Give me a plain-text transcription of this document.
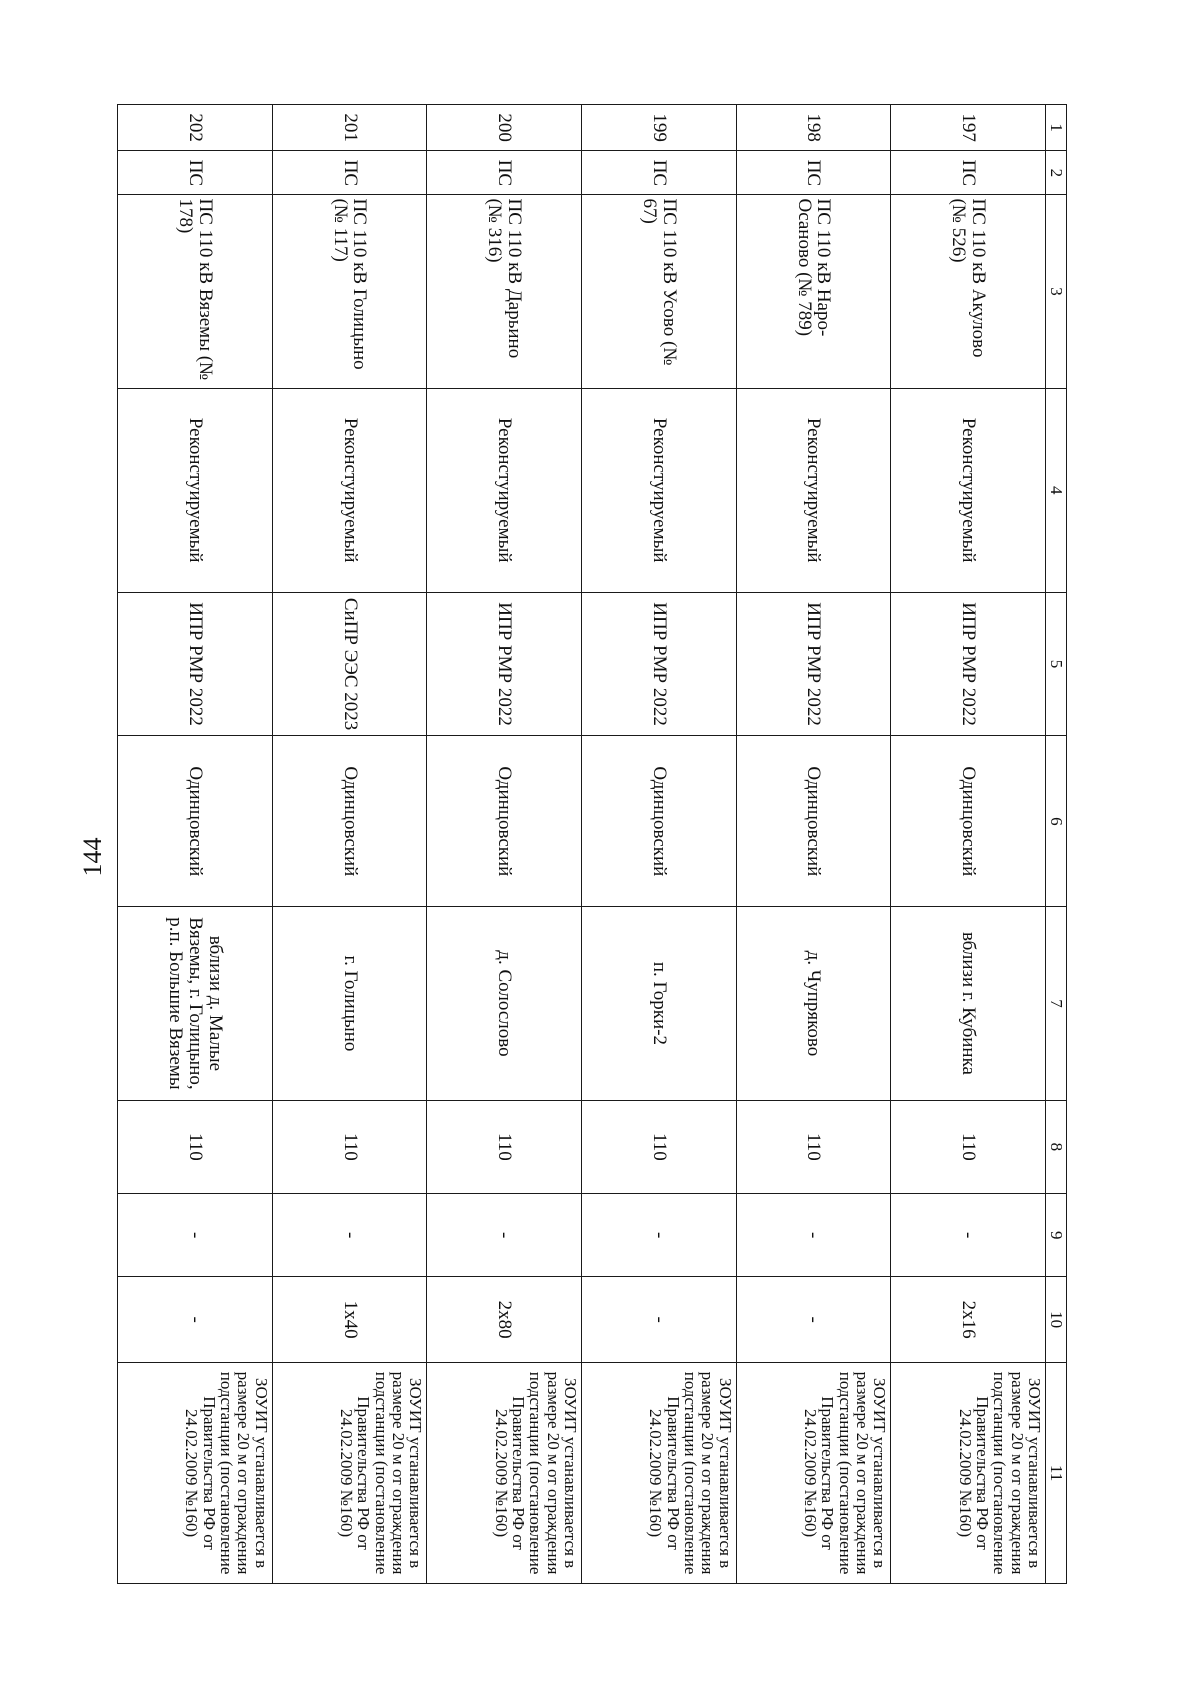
144
1	2	3	4	5	6	7	8	9	10	11
197	ПС	ПС 110 кВ Акулово (№ 526)	Реконстуируемый	ИПР РМР 2022	Одинцовский	вблизи г. Кубинка	110	-	2х16	ЗОУИТ устанавливается в размере 20 м от ограждения подстанции (постановление Правительства РФ от 24.02.2009 №160)
198	ПС	ПС 110 кВ Наро-Осаново (№ 789)	Реконстуируемый	ИПР РМР 2022	Одинцовский	д. Чупряково	110	-	-	ЗОУИТ устанавливается в размере 20 м от ограждения подстанции (постановление Правительства РФ от 24.02.2009 №160)
199	ПС	ПС 110 кВ Усово (№ 67)	Реконстуируемый	ИПР РМР 2022	Одинцовский	п. Горки-2	110	-	-	ЗОУИТ устанавливается в размере 20 м от ограждения подстанции (постановление Правительства РФ от 24.02.2009 №160)
200	ПС	ПС 110 кВ Дарьино (№ 316)	Реконстуируемый	ИПР РМР 2022	Одинцовский	д. Солослово	110	-	2х80	ЗОУИТ устанавливается в размере 20 м от ограждения подстанции (постановление Правительства РФ от 24.02.2009 №160)
201	ПС	ПС 110 кВ Голицыно (№ 117)	Реконстуируемый	СиПР ЭЭС 2023	Одинцовский	г. Голицыно	110	-	1х40	ЗОУИТ устанавливается в размере 20 м от ограждения подстанции (постановление Правительства РФ от 24.02.2009 №160)
202	ПС	ПС 110 кВ Вяземы (№ 178)	Реконстуируемый	ИПР РМР 2022	Одинцовский	вблизи д. Малые Вяземы, г. Голицыно, р.п. Большие Вяземы	110	-	-	ЗОУИТ устанавливается в размере 20 м от ограждения подстанции (постановление Правительства РФ от 24.02.2009 №160)
